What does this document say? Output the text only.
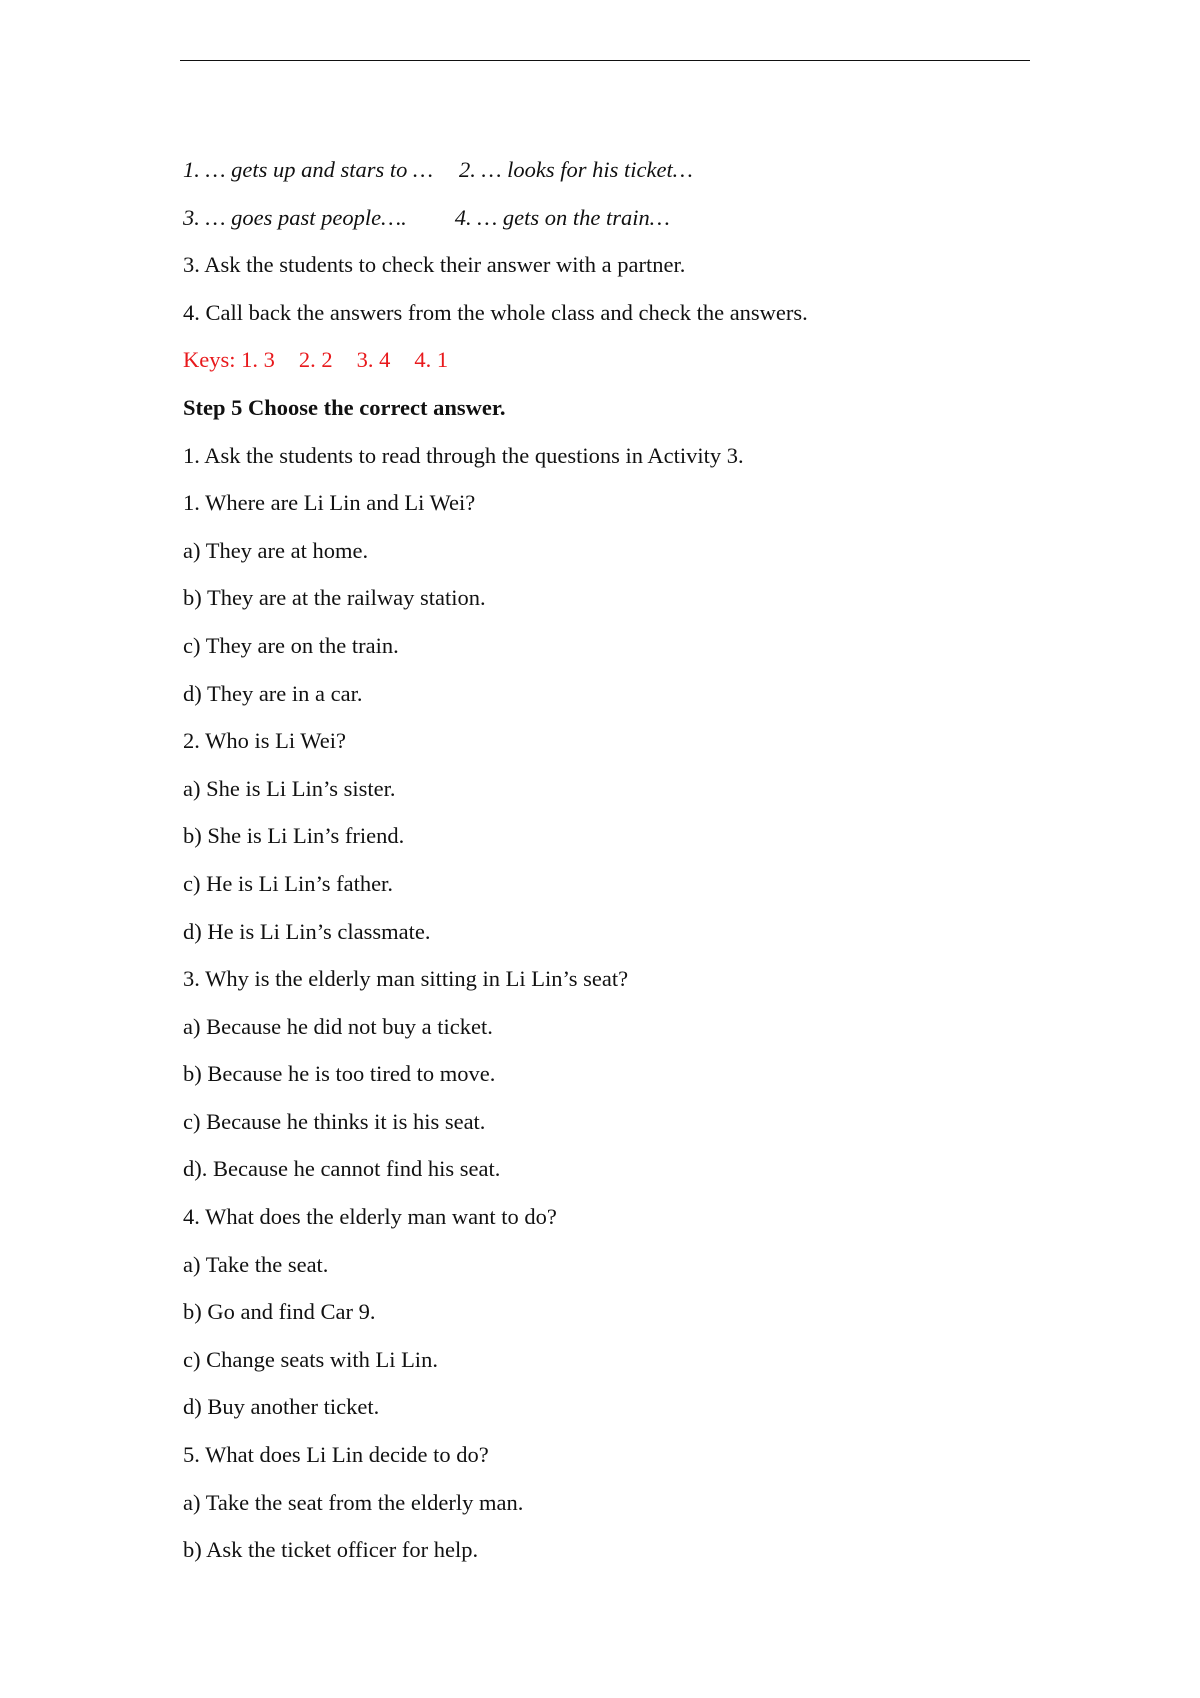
1. … gets up and stars to … 2. … looks for his ticket…
3. … goes past people…. 4. … gets on the train…
3. Ask the students to check their answer with a partner.
4. Call back the answers from the whole class and check the answers.
Keys: 1. 3 2. 2 3. 4 4. 1
Step 5 Choose the correct answer.
1. Ask the students to read through the questions in Activity 3.
1. Where are Li Lin and Li Wei?
a) They are at home.
b) They are at the railway station.
c) They are on the train.
d) They are in a car.
2. Who is Li Wei?
a) She is Li Lin’s sister.
b) She is Li Lin’s friend.
c) He is Li Lin’s father.
d) He is Li Lin’s classmate.
3. Why is the elderly man sitting in Li Lin’s seat?
a) Because he did not buy a ticket.
b) Because he is too tired to move.
c) Because he thinks it is his seat.
d). Because he cannot find his seat.
4. What does the elderly man want to do?
a) Take the seat.
b) Go and find Car 9.
c) Change seats with Li Lin.
d) Buy another ticket.
5. What does Li Lin decide to do?
a) Take the seat from the elderly man.
b) Ask the ticket officer for help.
